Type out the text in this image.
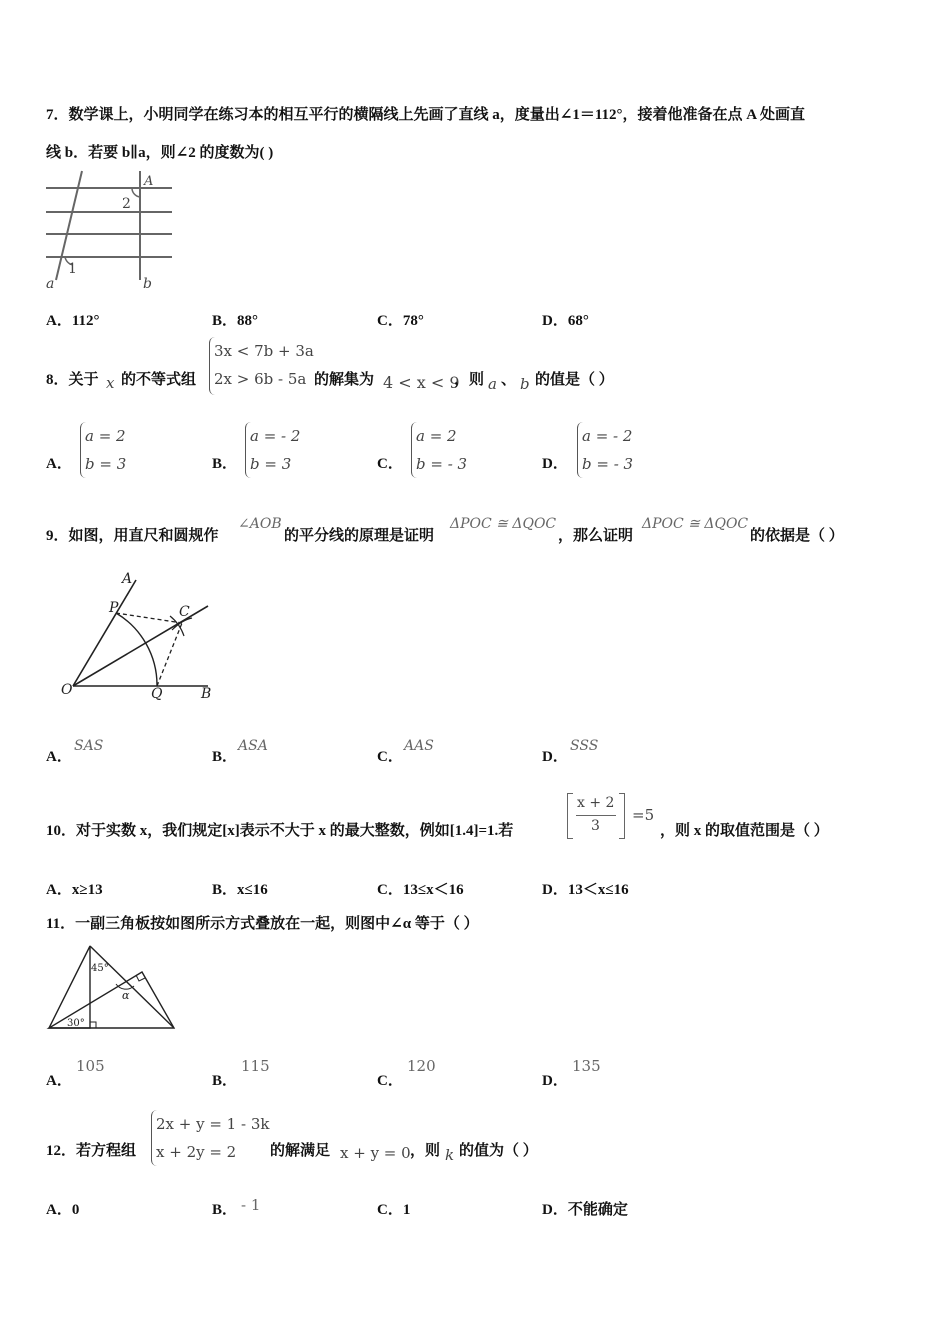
7．数学课上，小明同学在练习本的相互平行的横隔线上先画了直线 a，度量出∠1＝112°，接着他准备在点 A 处画直
线 b．若要 b∥a，则∠2 的度数为( )
A
2
1
a	b
A．112°	B．88°	C．78°	D．68°
8．关于 x 的不等式组
3x < 7b + 3a
2x > 6b - 5a 的解集为 4 < x < 9
，则 a 、 b 的值是（ ）
A．
a = 2
b = 3	B．
a = - 2
b = 3	C．
a = 2
b = - 3	D．
a = - 2
b = - 3
9．如图，用直尺和圆规作
∠AOB
的平分线的原理是证明
ΔPOC ≅ ΔQOC
，那么证明
ΔPOC ≅ ΔQOC
的依据是（ ）
A
P	C
O	Q	B
A．
SAS
B．
ASA
C．
AAS
D．
SSS
10．对于实数 x，我们规定[x]表示不大于 x 的最大整数，例如[1.4]=1.若
x + 2
3
=5
，则 x 的取值范围是（ ）
A．x≥13	B．x≤16	C．13≤x＜16	D．13＜x≤16
11．一副三角板按如图所示方式叠放在一起，则图中∠α 等于（ ）
45°
30°
α
A．
105
B．
115
C．
120
D．
135
12．若方程组
2x + y = 1 - 3k
x + 2y = 2	的解满足 x + y = 0 ，则 k 的值为（ ）
A．0	B． - 1	C．1	D．不能确定
